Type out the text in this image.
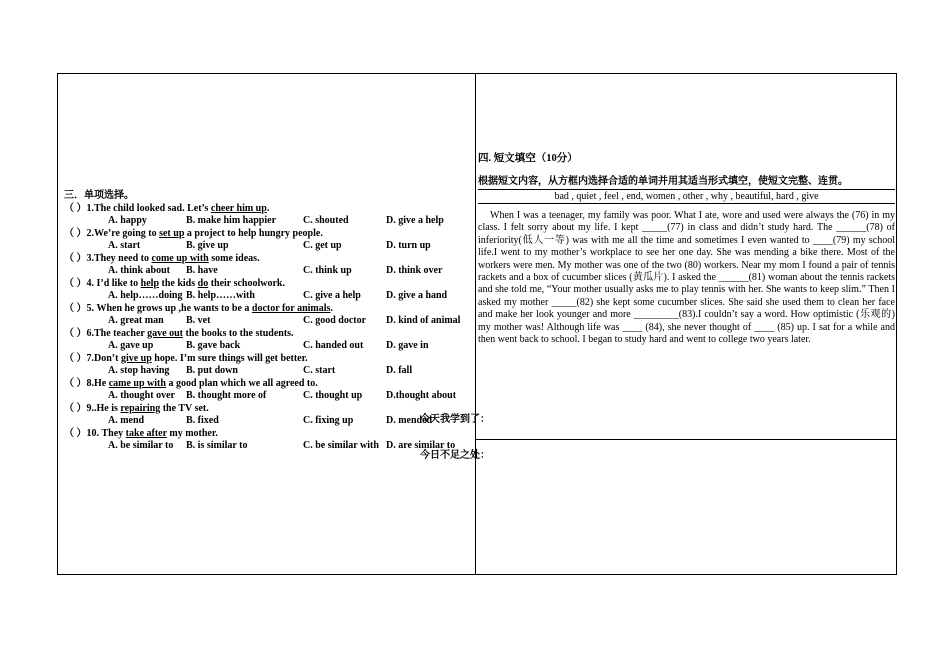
三．单项选择。
（ ）1.The child looked sad. Let’s cheer him up.
A. happy	B. make him happier	C. shouted	D. give a help
（ ）2.We’re going to set up a project to help hungry people.
A. start	B. give up	C. get up	D. turn up
（ ）3.They need to come up with some ideas.
A. think about B. have	C. think up	D. think over
（ ）4. I’d like to help the kids do their schoolwork.
A. help……doing B. help……with	C. give a help	D. give a hand
（ ）5. When he grows up ,he wants to be a doctor for animals.
A. great man B. vet	C. good doctor D. kind of animal
（ ）6.The teacher gave out the books to the students.
A. gave up	B. gave back	C. handed out D. gave in
（ ）7.Don’t give up hope. I’m sure things will get better.
A. stop having B. put down	C. start	D. fall
（ ）8.He came up with a good plan which we all agreed to.
A. thought over B. thought more of	C. thought up D.thought about
（ ）9..He is repairing the TV set.
A. mend	B. fixed	C. fixing up	D. mended
（ ）10. They take after my mother.
A. be similar to B. is similar to	C. be similar with D. are similar to
四. 短文填空（10分）
根据短文内容，从方框内选择合适的单词并用其适当形式填空，使短文完整、连贯。
bad , quiet , feel , end, women , other , why , beautiful, hard , give
When I was a teenager, my family was poor. What I ate, wore and used were always the (76) in my class. I felt sorry about my life. I kept _____(77) in class and didn’t study hard. The ______(78) of inferiority(低人一等) was with me all the time and sometimes I even wanted to ____(79) my school life.I went to my mother’s workplace to see her one day. She was mending a bike there. Most of the workers were men. My mother was one of the two (80) workers. Near my mom I found a pair of tennis rackets and a box of cucumber slices (黄瓜片). I asked the ______(81) woman about the tennis rackets and she told me, “Your mother usually asks me to play tennis with her. She wants to keep slim.” Then I asked my mother _____(82) she kept some cucumber slices. She said she used them to clean her face and make her look younger and more _________(83).I couldn’t say a word. How optimistic (乐观的) my mother was! Although life was ____ (84), she never thought of ____ (85) up. I sat for a while and then went back to school. I began to study hard and went to college two years later.
今天我学到了：
今日不足之处：
